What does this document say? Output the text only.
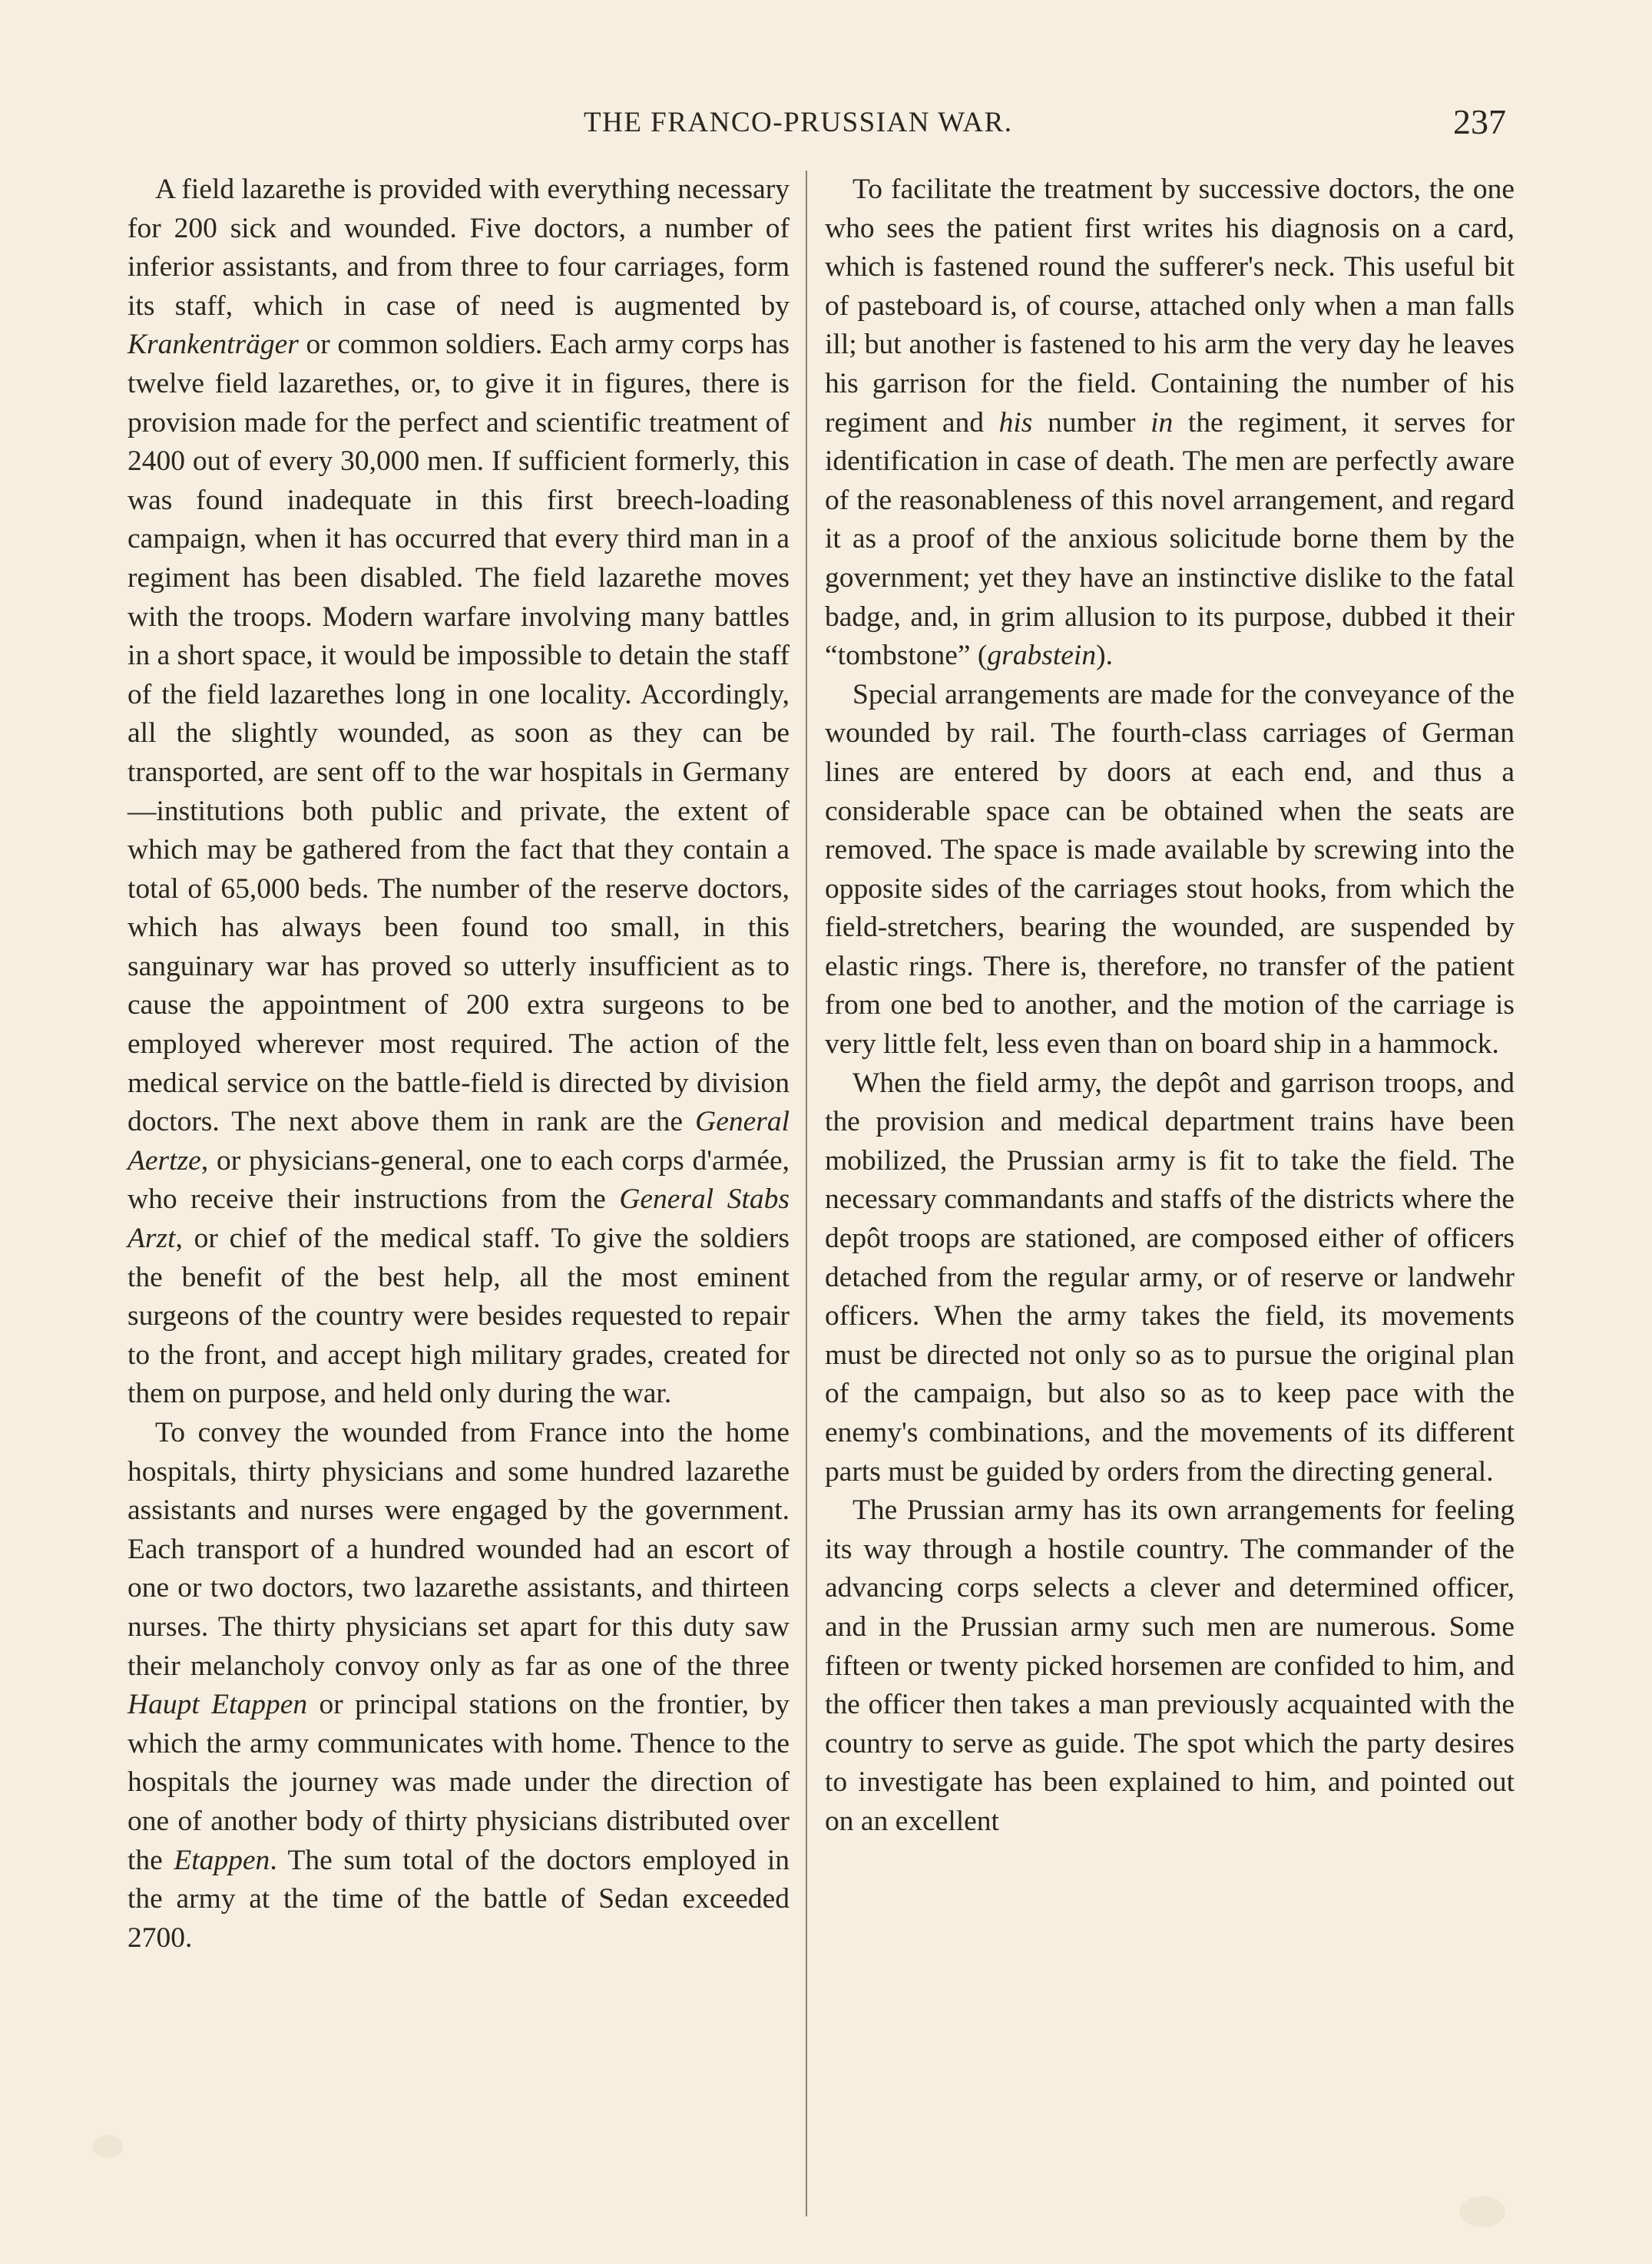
THE FRANCO-PRUSSIAN WAR.	237

A field lazarethe is provided with everything necessary for 200 sick and wounded. Five doctors, a number of inferior assistants, and from three to four carriages, form its staff, which in case of need is augmented by Krankenträger or common soldiers. Each army corps has twelve field lazarethes, or, to give it in figures, there is provision made for the perfect and scientific treatment of 2400 out of every 30,000 men. If sufficient formerly, this was found inadequate in this first breech-loading campaign, when it has occurred that every third man in a regiment has been disabled. The field lazarethe moves with the troops. Modern warfare involving many battles in a short space, it would be impossible to detain the staff of the field lazarethes long in one locality. Accordingly, all the slightly wounded, as soon as they can be transported, are sent off to the war hospitals in Germany—institutions both public and private, the extent of which may be gathered from the fact that they contain a total of 65,000 beds. The number of the reserve doctors, which has always been found too small, in this sanguinary war has proved so utterly insufficient as to cause the appointment of 200 extra surgeons to be employed wherever most required. The action of the medical service on the battle-field is directed by division doctors. The next above them in rank are the General Aertze, or physicians-general, one to each corps d'armée, who receive their instructions from the General Stabs Arzt, or chief of the medical staff. To give the soldiers the benefit of the best help, all the most eminent surgeons of the country were besides requested to repair to the front, and accept high military grades, created for them on purpose, and held only during the war.

To convey the wounded from France into the home hospitals, thirty physicians and some hundred lazarethe assistants and nurses were engaged by the government. Each transport of a hundred wounded had an escort of one or two doctors, two lazarethe assistants, and thirteen nurses. The thirty physicians set apart for this duty saw their melancholy convoy only as far as one of the three Haupt Etappen or principal stations on the frontier, by which the army communicates with home. Thence to the hospitals the journey was made under the direction of one of another body of thirty physicians distributed over the Etappen. The sum total of the doctors employed in the army at the time of the battle of Sedan exceeded 2700.

To facilitate the treatment by successive doctors, the one who sees the patient first writes his diagnosis on a card, which is fastened round the sufferer's neck. This useful bit of pasteboard is, of course, attached only when a man falls ill; but another is fastened to his arm the very day he leaves his garrison for the field. Containing the number of his regiment and his number in the regiment, it serves for identification in case of death. The men are perfectly aware of the reasonableness of this novel arrangement, and regard it as a proof of the anxious solicitude borne them by the government; yet they have an instinctive dislike to the fatal badge, and, in grim allusion to its purpose, dubbed it their “tombstone” (grabstein).

Special arrangements are made for the conveyance of the wounded by rail. The fourth-class carriages of German lines are entered by doors at each end, and thus a considerable space can be obtained when the seats are removed. The space is made available by screwing into the opposite sides of the carriages stout hooks, from which the field-stretchers, bearing the wounded, are suspended by elastic rings. There is, therefore, no transfer of the patient from one bed to another, and the motion of the carriage is very little felt, less even than on board ship in a hammock.

When the field army, the depôt and garrison troops, and the provision and medical department trains have been mobilized, the Prussian army is fit to take the field. The necessary commandants and staffs of the districts where the depôt troops are stationed, are composed either of officers detached from the regular army, or of reserve or landwehr officers. When the army takes the field, its movements must be directed not only so as to pursue the original plan of the campaign, but also so as to keep pace with the enemy's combinations, and the movements of its different parts must be guided by orders from the directing general.

The Prussian army has its own arrangements for feeling its way through a hostile country. The commander of the advancing corps selects a clever and determined officer, and in the Prussian army such men are numerous. Some fifteen or twenty picked horsemen are confided to him, and the officer then takes a man previously acquainted with the country to serve as guide. The spot which the party desires to investigate has been explained to him, and pointed out on an excellent
